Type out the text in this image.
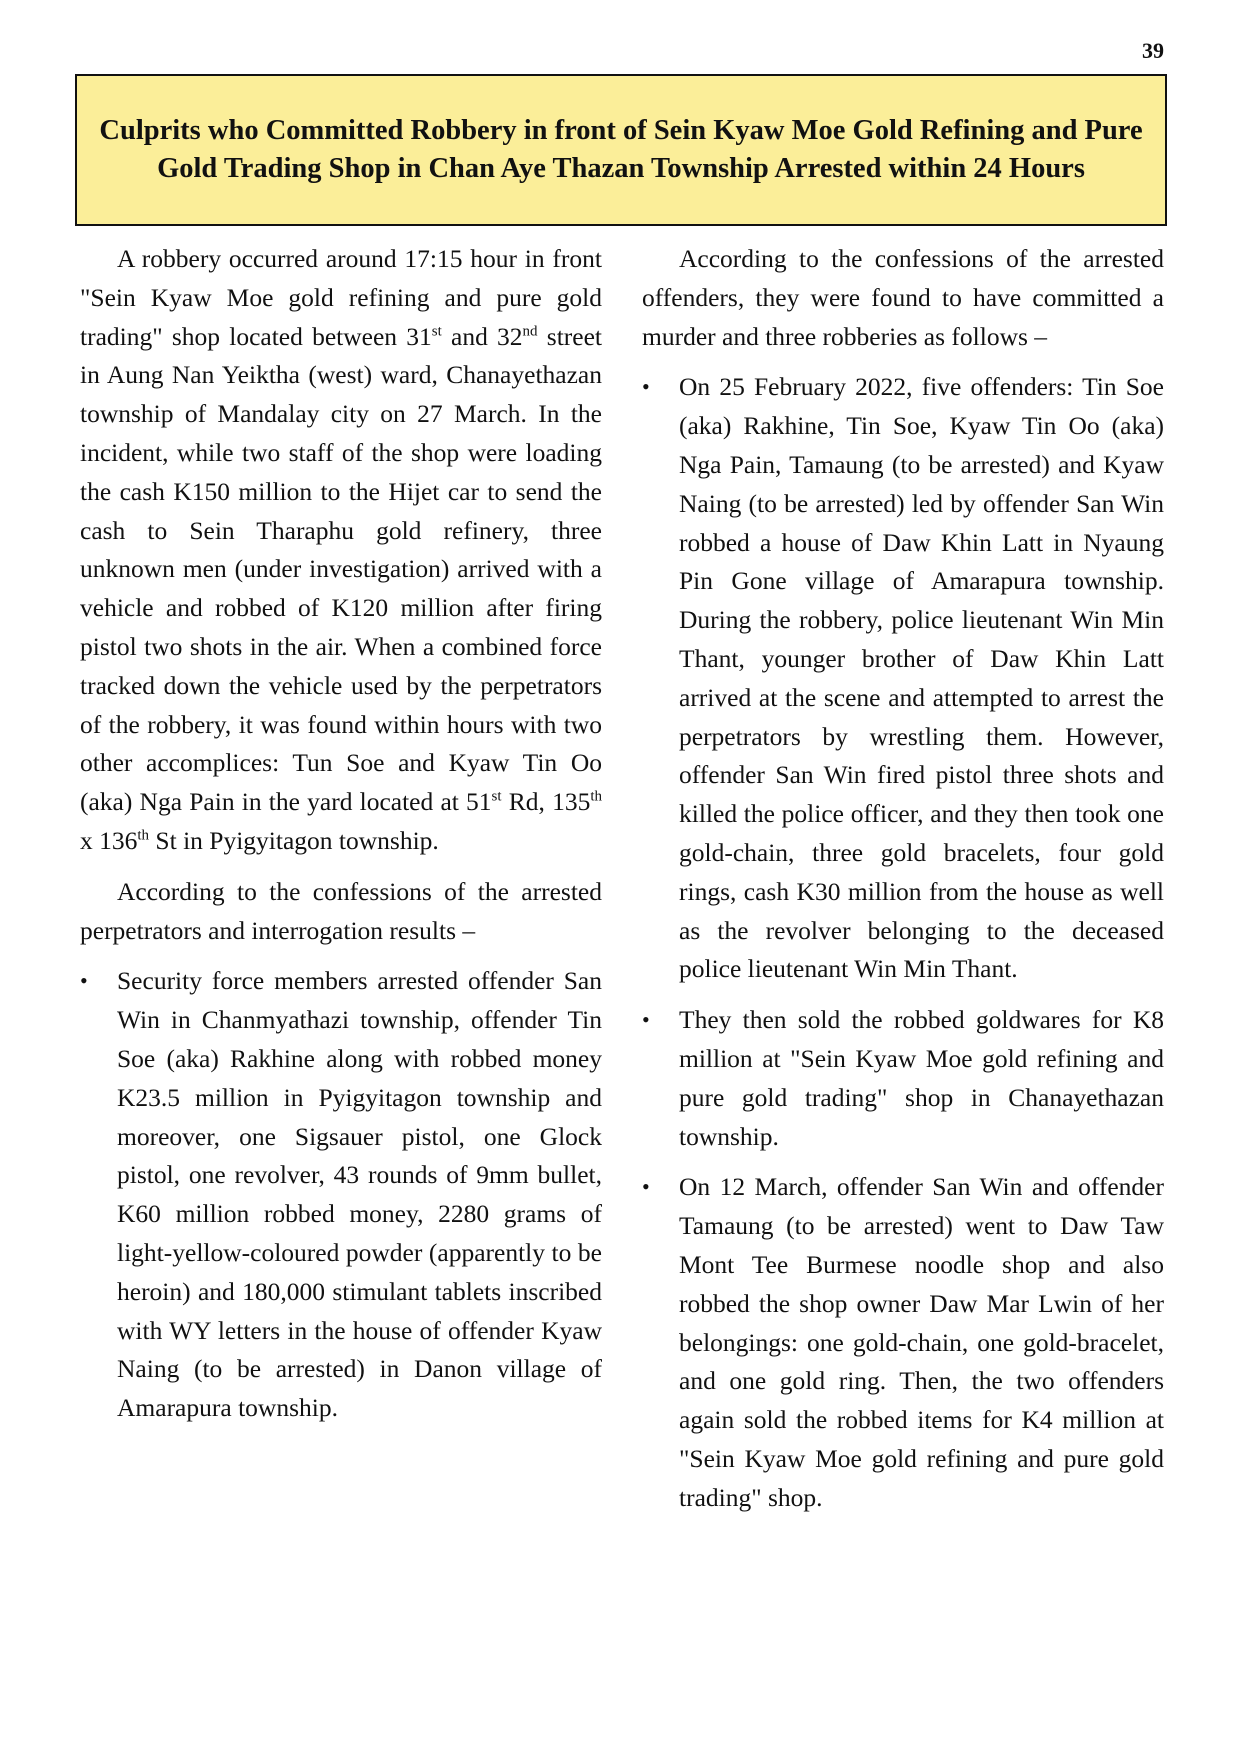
39
Culprits who Committed Robbery in front of Sein Kyaw Moe Gold Refining and Pure Gold Trading Shop in Chan Aye Thazan Township Arrested within 24 Hours

A robbery occurred around 17:15 hour in front "Sein Kyaw Moe gold refining and pure gold trading" shop located between 31st and 32nd street in Aung Nan Yeiktha (west) ward, Chanayethazan township of Mandalay city on 27 March. In the incident, while two staff of the shop were loading the cash K150 million to the Hijet car to send the cash to Sein Tharaphu gold refinery, three unknown men (under investigation) arrived with a vehicle and robbed of K120 million after firing pistol two shots in the air. When a combined force tracked down the vehicle used by the perpetrators of the robbery, it was found within hours with two other accomplices: Tun Soe and Kyaw Tin Oo (aka) Nga Pain in the yard located at 51st Rd, 135th x 136th St in Pyigyitagon township.

According to the confessions of the arrested perpetrators and interrogation results –

• Security force members arrested offender San Win in Chanmyathazi township, offender Tin Soe (aka) Rakhine along with robbed money K23.5 million in Pyigyitagon township and moreover, one Sigsauer pistol, one Glock pistol, one revolver, 43 rounds of 9mm bullet, K60 million robbed money, 2280 grams of light-yellow-coloured powder (apparently to be heroin) and 180,000 stimulant tablets inscribed with WY letters in the house of offender Kyaw Naing (to be arrested) in Danon village of Amarapura township.

According to the confessions of the arrested offenders, they were found to have committed a murder and three robberies as follows –

• On 25 February 2022, five offenders: Tin Soe (aka) Rakhine, Tin Soe, Kyaw Tin Oo (aka) Nga Pain, Tamaung (to be arrested) and Kyaw Naing (to be arrested) led by offender San Win robbed a house of Daw Khin Latt in Nyaung Pin Gone village of Amarapura township. During the robbery, police lieutenant Win Min Thant, younger brother of Daw Khin Latt arrived at the scene and attempted to arrest the perpetrators by wrestling them. However, offender San Win fired pistol three shots and killed the police officer, and they then took one gold-chain, three gold bracelets, four gold rings, cash K30 million from the house as well as the revolver belonging to the deceased police lieutenant Win Min Thant.
• They then sold the robbed goldwares for K8 million at "Sein Kyaw Moe gold refining and pure gold trading" shop in Chanayethazan township.
• On 12 March, offender San Win and offender Tamaung (to be arrested) went to Daw Taw Mont Tee Burmese noodle shop and also robbed the shop owner Daw Mar Lwin of her belongings: one gold-chain, one gold-bracelet, and one gold ring. Then, the two offenders again sold the robbed items for K4 million at "Sein Kyaw Moe gold refining and pure gold trading" shop.
